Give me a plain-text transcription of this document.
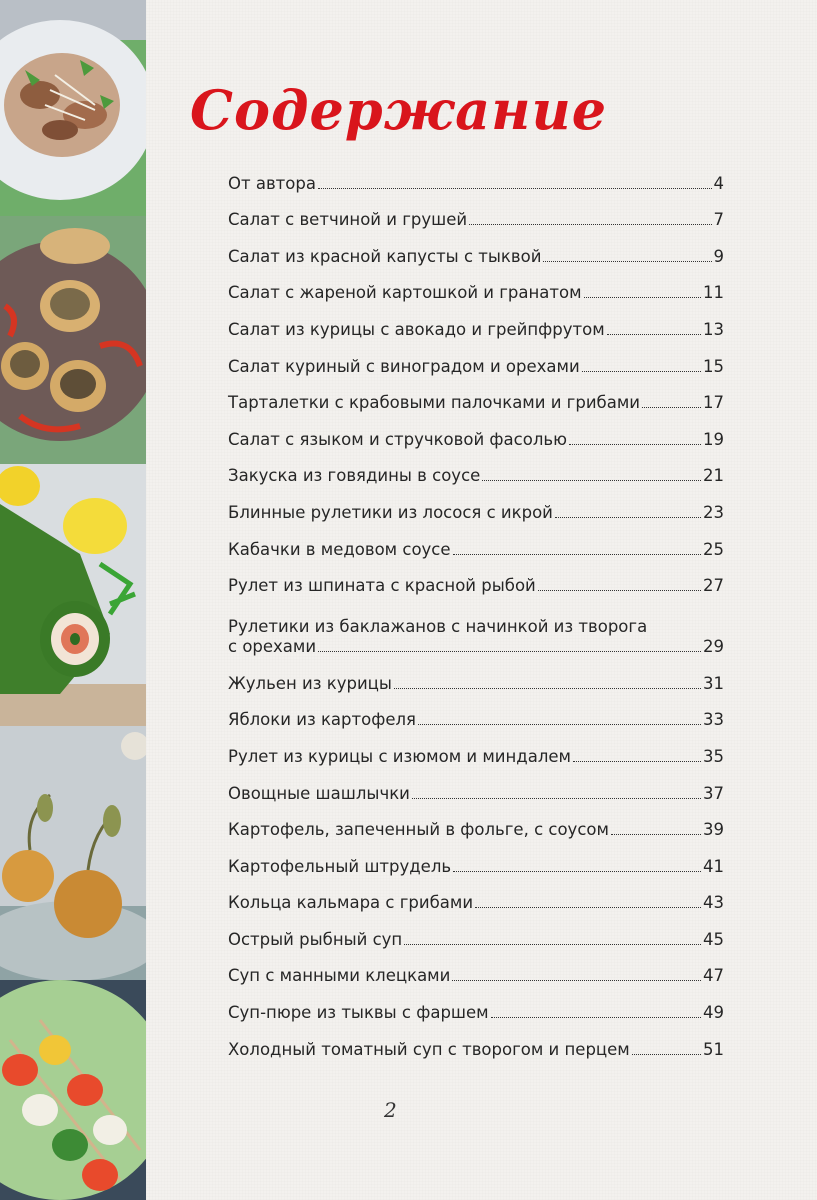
Содержание
От автора	4
Салат с ветчиной и грушей	7
Салат из красной капусты с тыквой	9
Салат с жареной картошкой и гранатом	11
Салат из курицы с авокадо и грейпфрутом	13
Салат куриный с виноградом и орехами	15
Тарталетки с крабовыми палочками и грибами	17
Салат с языком и стручковой фасолью	19
Закуска из говядины в соусе	21
Блинные рулетики из лосося с икрой	23
Кабачки в медовом соусе	25
Рулет из шпината с красной рыбой	27
Рулетики из баклажанов с начинкой из творога
с орехами	29
Жульен из курицы	31
Яблоки из картофеля	33
Рулет из курицы с изюмом и миндалем	35
Овощные шашлычки	37
Картофель, запеченный в фольге, с соусом	39
Картофельный штрудель	41
Кольца кальмара с грибами	43
Острый рыбный суп	45
Суп с манными клецками	47
Суп-пюре из тыквы с фаршем	49
Холодный томатный суп с творогом и перцем	51
2
